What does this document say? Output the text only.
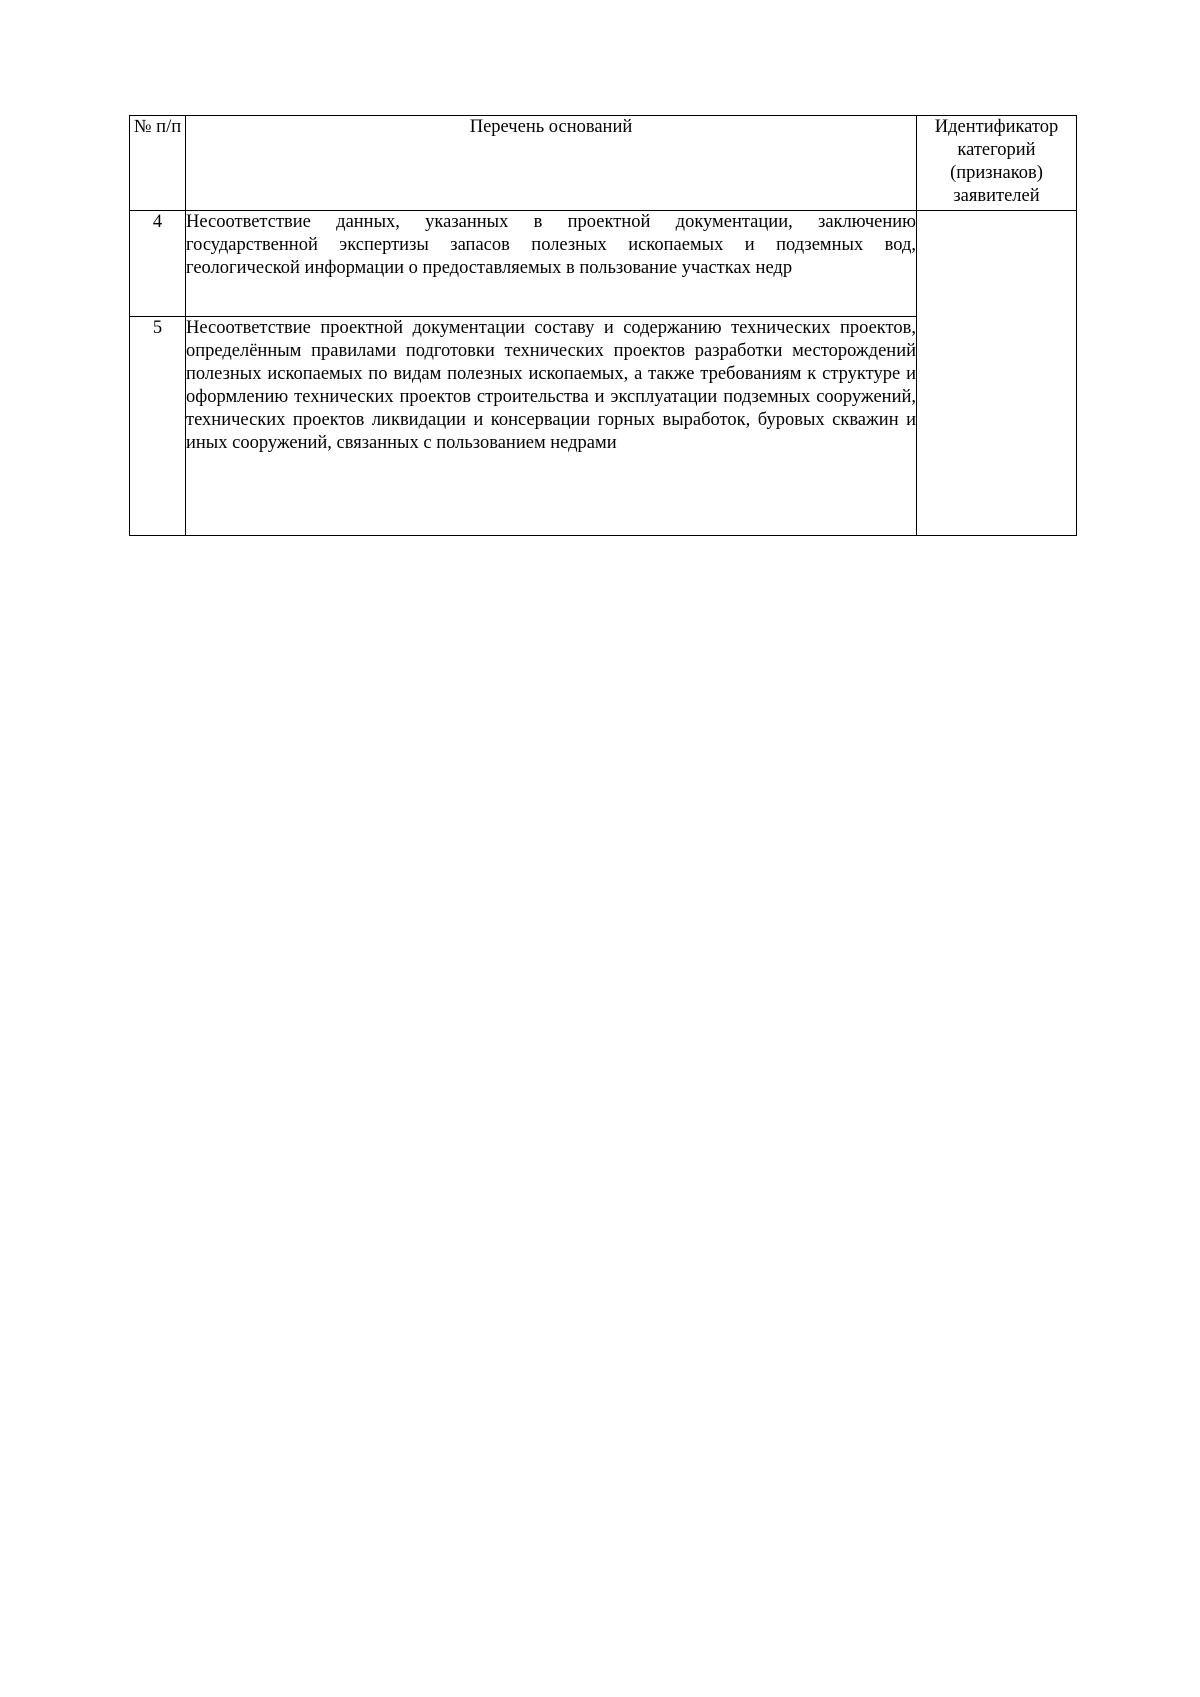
№ п/п	Перечень оснований	Идентификатор категорий (признаков) заявителей
4	Несоответствие данных, указанных в проектной документации, заключению государственной экспертизы запасов полезных ископаемых и подземных вод, геологической информации о предоставляемых в пользование участках недр	
5	Несоответствие проектной документации составу и содержанию технических проектов, определённым правилами подготовки технических проектов разработки месторождений полезных ископаемых по видам полезных ископаемых, а также требованиям к структуре и оформлению технических проектов строительства и эксплуатации подземных сооружений, технических проектов ликвидации и консервации горных выработок, буровых скважин и иных сооружений, связанных с пользованием недрами	
